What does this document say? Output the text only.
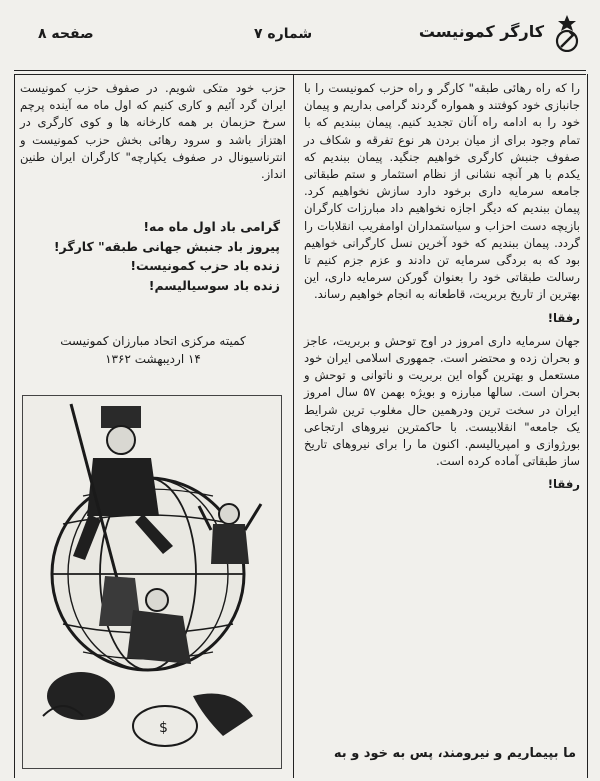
کارگر کمونیست
شماره ۷
صفحه ۸

را که راه رهائی طبقه" کارگر و راه حزب کمونیست را با جانبازی خود کوفتند و همواره گردند گرامی بداریم و پیمان خود را به ادامه راه آنان تجدید کنیم. پیمان ببندیم که با تمام وجود برای از میان بردن هر نوع تفرقه و شکاف در صفوف جنبش کارگری خواهیم جنگید. پیمان ببندیم که یکدم با هر آنچه نشانی از نظام استثمار و ستم طبقاتی جامعه سرمایه داری برخود دارد سازش نخواهیم کرد. پیمان ببندیم که دیگر اجازه نخواهیم داد مبارزات کارگران بازیچه دست احزاب و سیاستمداران اوامفریب انقلابات را گردد. پیمان ببندیم که خود آخرین نسل کارگرانی خواهیم بود که به بردگی سرمایه تن دادند و عزم جزم کنیم تا رسالت طبقاتی خود را بعنوان گورکن سرمایه داری، این بهترین از تاریخ بربریت، قاطعانه به انجام خواهیم رساند.

رفقا!

جهان سرمایه داری امروز در اوج توحش و بربریت، عاجز و بحران زده و محتضر است. جمهوری اسلامی ایران خود مستعمل و بهترین گواه این بربریت و ناتوانی و توحش و بحران است. سالها مبارزه و بویژه بهمن ۵۷ سال امروز ایران در سخت ترین ودرهمین حال مغلوب ترین شرایط یک جامعه" انقلابیست. با حاکمترین نیروهای ارتجاعی بورژوازی و امپریالیسم. اکنون ما را برای نیروهای تاریخ ساز طبقاتی آماده کرده است.

رفقا!

حزب خود متکی شویم. در صفوف حزب کمونیست ایران گرد آئیم و کاری کنیم که اول ماه مه آینده پرچم سرخ حزبمان بر همه کارخانه ها و کوی کارگری در اهتزاز باشد و سرود رهائی بخش حزب کمونیست و انترناسیونال در صفوف یکپارچه" کارگران ایران طنین انداز.

گرامی باد اول ماه مه!
پیروز باد جنبش جهانی طبقه" کارگر!
زنده باد حزب کمونیست!
زنده باد سوسیالیسم!
کمیته مرکزی اتحاد مبارزان کمونیست
۱۴ اردیبهشت ۱۳۶۲
$
ما بپیماریم و نیرومند، پس به خود و به
